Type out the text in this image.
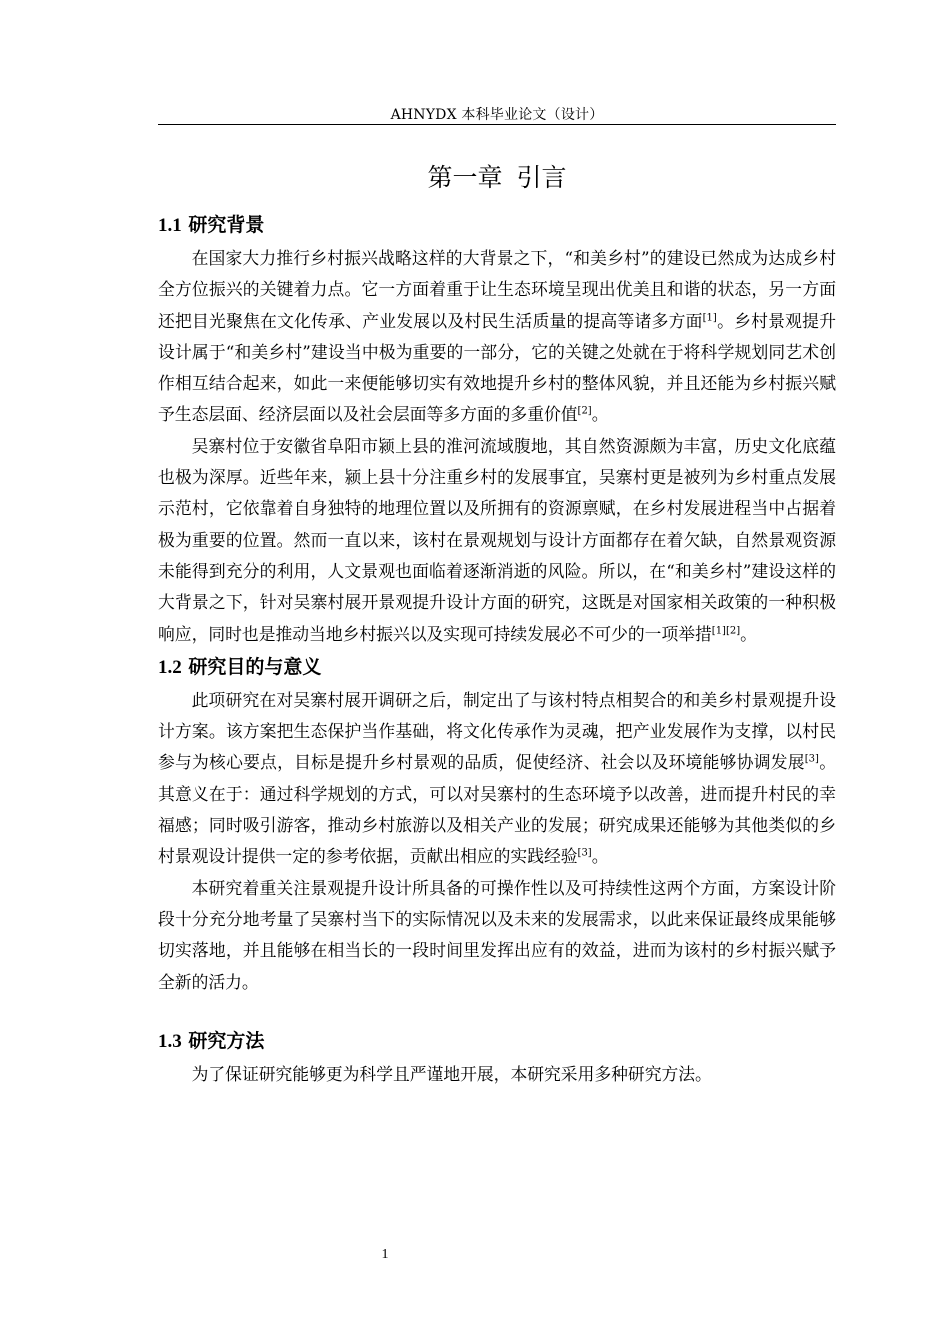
AHNYDX 本科毕业论文（设计）
第一章 引言
1.1 研究背景

在国家大力推行乡村振兴战略这样的大背景之下，“和美乡村”的建设已然成为达成乡村全方位振兴的关键着力点。它一方面着重于让生态环境呈现出优美且和谐的状态，另一方面还把目光聚焦在文化传承、产业发展以及村民生活质量的提高等诸多方面[1]。乡村景观提升设计属于“和美乡村”建设当中极为重要的一部分，它的关键之处就在于将科学规划同艺术创作相互结合起来，如此一来便能够切实有效地提升乡村的整体风貌，并且还能为乡村振兴赋予生态层面、经济层面以及社会层面等多方面的多重价值[2]。

吴寨村位于安徽省阜阳市颍上县的淮河流域腹地，其自然资源颇为丰富，历史文化底蕴也极为深厚。近些年来，颍上县十分注重乡村的发展事宜，吴寨村更是被列为乡村重点发展示范村，它依靠着自身独特的地理位置以及所拥有的资源禀赋，在乡村发展进程当中占据着极为重要的位置。然而一直以来，该村在景观规划与设计方面都存在着欠缺，自然景观资源未能得到充分的利用，人文景观也面临着逐渐消逝的风险。所以，在“和美乡村”建设这样的大背景之下，针对吴寨村展开景观提升设计方面的研究，这既是对国家相关政策的一种积极响应，同时也是推动当地乡村振兴以及实现可持续发展必不可少的一项举措[1][2]。

1.2 研究目的与意义

此项研究在对吴寨村展开调研之后，制定出了与该村特点相契合的和美乡村景观提升设计方案。该方案把生态保护当作基础，将文化传承作为灵魂，把产业发展作为支撑，以村民参与为核心要点，目标是提升乡村景观的品质，促使经济、社会以及环境能够协调发展[3]。其意义在于：通过科学规划的方式，可以对吴寨村的生态环境予以改善，进而提升村民的幸福感；同时吸引游客，推动乡村旅游以及相关产业的发展；研究成果还能够为其他类似的乡村景观设计提供一定的参考依据，贡献出相应的实践经验[3]。

本研究着重关注景观提升设计所具备的可操作性以及可持续性这两个方面，方案设计阶段十分充分地考量了吴寨村当下的实际情况以及未来的发展需求，以此来保证最终成果能够切实落地，并且能够在相当长的一段时间里发挥出应有的效益，进而为该村的乡村振兴赋予全新的活力。

1.3 研究方法

为了保证研究能够更为科学且严谨地开展，本研究采用多种研究方法。

1
